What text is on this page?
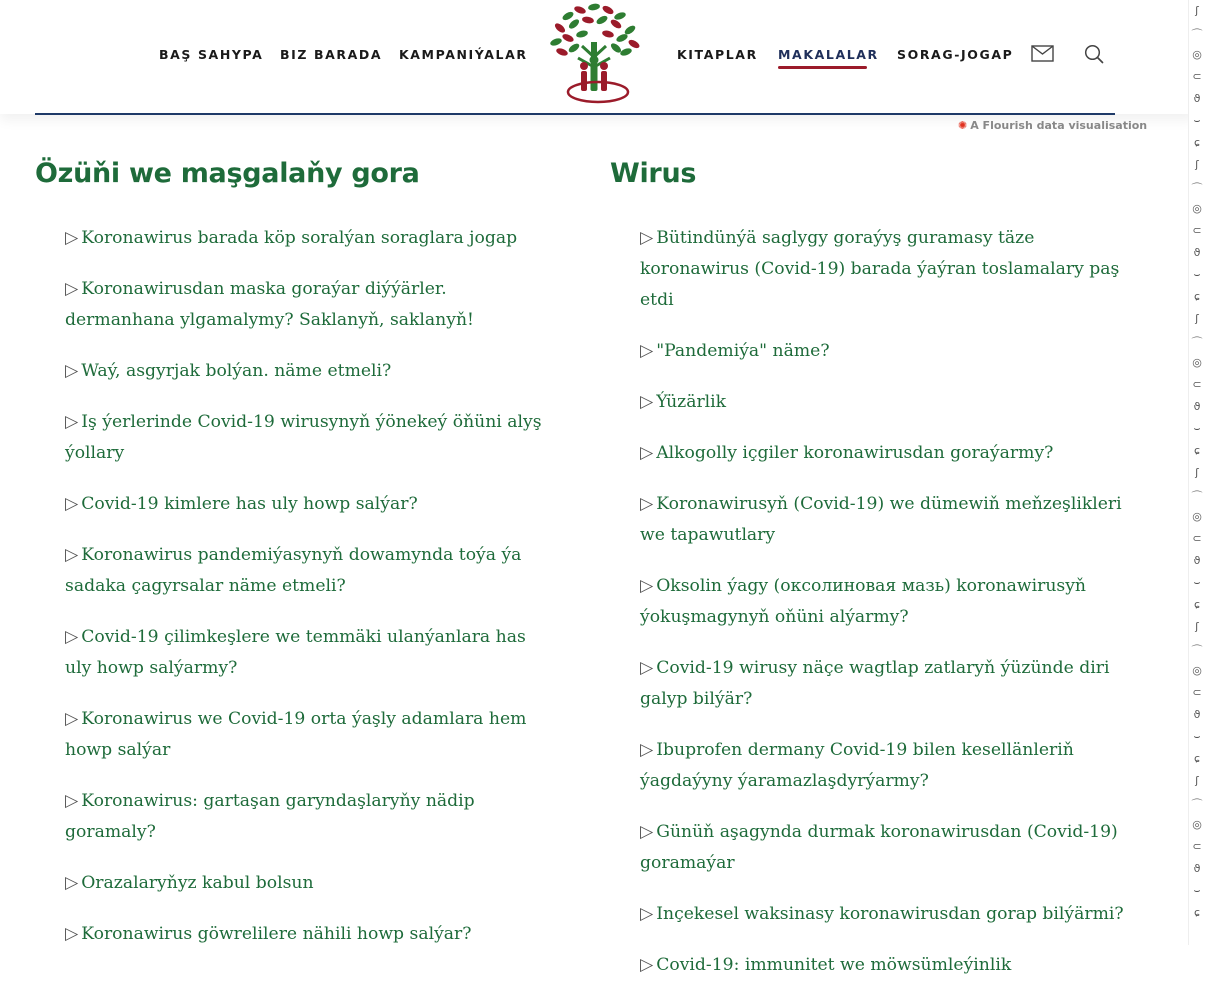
BAŞ SAHYPA BIZ BARADA KAMPANIÝALAR	KITAPLAR MAKALALAR SORAG-JOGAP
✺ A Flourish data visualisation
Özüňi we maşgalaňy gora	Wirus
▷ Koronawirus barada köp soralýan soraglara jogap
▷ Koronawirusdan maska goraýar diýýärler. dermanhana ylgamalymy? Saklanyň, saklanyň!
▷ Waý, asgyrjak bolýan. näme etmeli?
▷ Iş ýerlerinde Covid-19 wirusynyň ýönekeý öňüni alyş ýollary
▷ Covid-19 kimlere has uly howp salýar?
▷ Koronawirus pandemiýasynyň dowamynda toýa ýa sadaka çagyrsalar näme etmeli?
▷ Covid-19 çilimkeşlere we temmäki ulanýanlara has uly howp salýarmy?
▷ Koronawirus we Covid-19 orta ýaşly adamlara hem howp salýar
▷ Koronawirus: gartaşan garyndaşlaryňy nädip goramaly?
▷ Orazalaryňyz kabul bolsun
▷ Koronawirus göwrelilere nähili howp salýar?
▷ Bütindünýä saglygy goraýyş guramasy täze koronawirus (Covid-19) barada ýaýran toslamalary paş etdi
▷ "Pandemiýa" näme?
▷ Ýüzärlik
▷ Alkogolly içgiler koronawirusdan goraýarmy?
▷ Koronawirusyň (Covid-19) we dümewiň meňzeşlikleri we tapawutlary
▷ Oksolin ýagy (оксолиновая мазь) koronawirusyň ýokuşmagynyň oňüni alýarmy?
▷ Covid-19 wirusy näçe wagtlap zatlaryň ýüzünde diri galyp bilýär?
▷ Ibuprofen dermany Covid-19 bilen kesellänleriň ýagdaýyny ýaramazlaşdyrýarmy?
▷ Günüň aşagynda durmak koronawirusdan (Covid-19) goramaýar
▷ Inçekesel waksinasy koronawirusdan gorap bilýärmi?
▷ Covid-19: immunitet we möwsümleýinlik
ʃ
⌒
◎
⊂
ϑ
⌣
ɕ
ʃ
⌒
◎
⊂
ϑ
⌣
ɕ
ʃ
⌒
◎
⊂
ϑ
⌣
ɕ
ʃ
⌒
◎
⊂
ϑ
⌣
ɕ
ʃ
⌒
◎
⊂
ϑ
⌣
ɕ
ʃ
⌒
◎
⊂
ϑ
⌣
ɕ
